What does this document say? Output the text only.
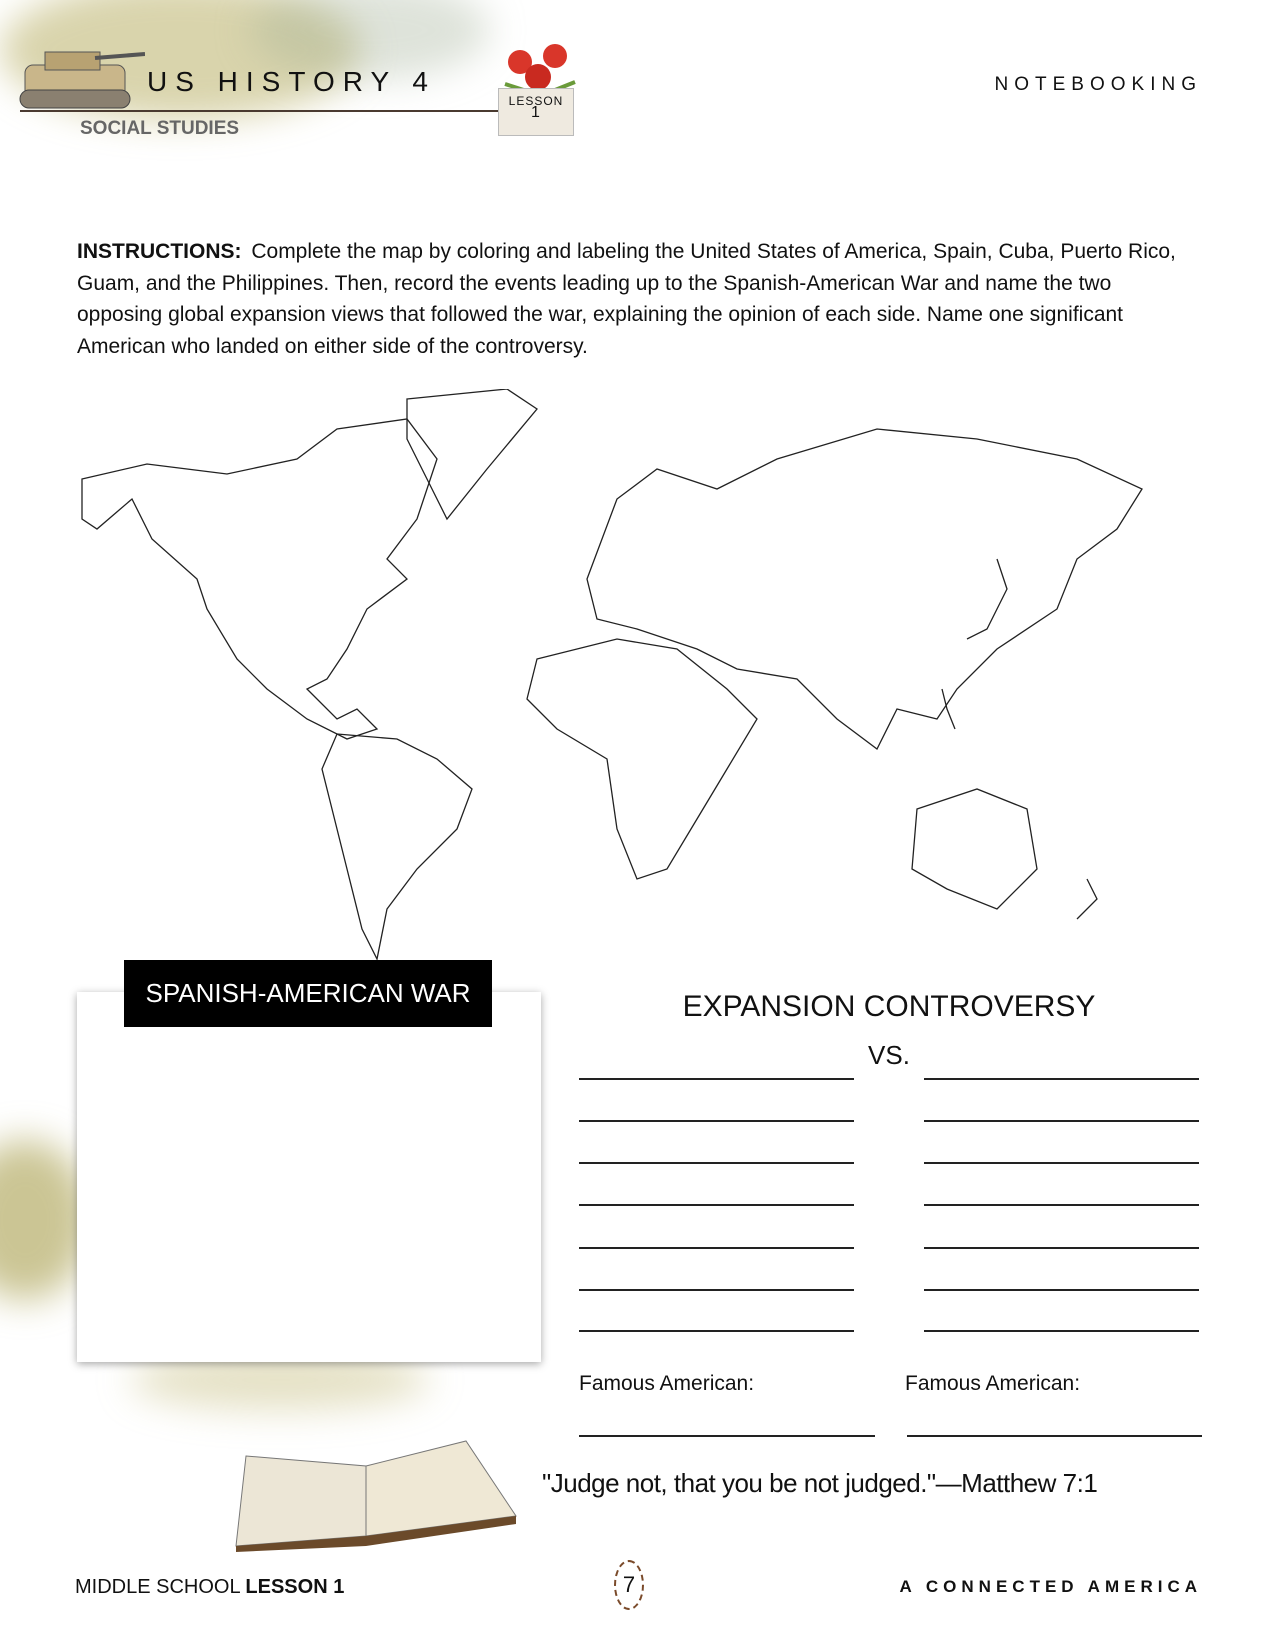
US HISTORY 4
SOCIAL STUDIES
LESSON
1
NOTEBOOKING
INSTRUCTIONS: Complete the map by coloring and labeling the United States of America, Spain, Cuba, Puerto Rico, Guam, and the Philippines. Then, record the events leading up to the Spanish-American War and name the two opposing global expansion views that followed the war, explaining the opinion of each side. Name one significant American who landed on either side of the controversy.
SPANISH-AMERICAN WAR	EXPANSION CONTROVERSY
VS.
Famous American:	Famous American:
"Judge not, that you be not judged."—Matthew 7:1
MIDDLE SCHOOL LESSON 1	7	A CONNECTED AMERICA
